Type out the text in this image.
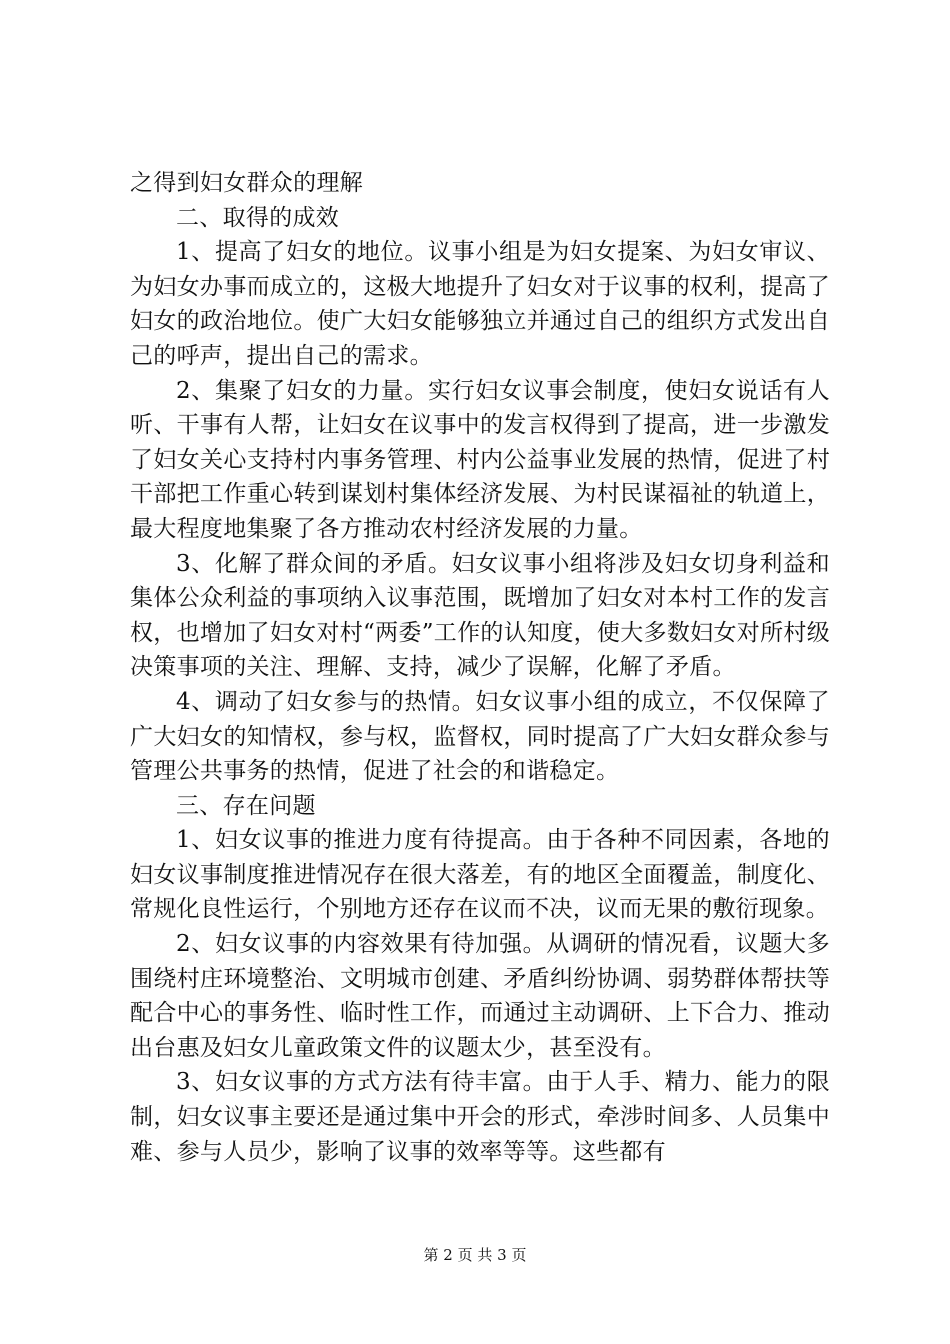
之得到妇女群众的理解

二、取得的成效

1、提高了妇女的地位。议事小组是为妇女提案、为妇女审议、为妇女办事而成立的，这极大地提升了妇女对于议事的权利，提高了妇女的政治地位。使广大妇女能够独立并通过自己的组织方式发出自己的呼声，提出自己的需求。

2、集聚了妇女的力量。实行妇女议事会制度，使妇女说话有人听、干事有人帮，让妇女在议事中的发言权得到了提高，进一步激发了妇女关心支持村内事务管理、村内公益事业发展的热情，促进了村干部把工作重心转到谋划村集体经济发展、为村民谋福祉的轨道上，最大程度地集聚了各方推动农村经济发展的力量。

3、化解了群众间的矛盾。妇女议事小组将涉及妇女切身利益和集体公众利益的事项纳入议事范围，既增加了妇女对本村工作的发言权，也增加了妇女对村“两委”工作的认知度，使大多数妇女对所村级决策事项的关注、理解、支持，减少了误解，化解了矛盾。

4、调动了妇女参与的热情。妇女议事小组的成立，不仅保障了广大妇女的知情权，参与权，监督权，同时提高了广大妇女群众参与管理公共事务的热情，促进了社会的和谐稳定。

三、存在问题

1、妇女议事的推进力度有待提高。由于各种不同因素，各地的妇女议事制度推进情况存在很大落差，有的地区全面覆盖，制度化、常规化良性运行，个别地方还存在议而不决，议而无果的敷衍现象。

2、妇女议事的内容效果有待加强。从调研的情况看，议题大多围绕村庄环境整治、文明城市创建、矛盾纠纷协调、弱势群体帮扶等配合中心的事务性、临时性工作，而通过主动调研、上下合力、推动出台惠及妇女儿童政策文件的议题太少，甚至没有。

3、妇女议事的方式方法有待丰富。由于人手、精力、能力的限制，妇女议事主要还是通过集中开会的形式，牵涉时间多、人员集中难、参与人员少，影响了议事的效率等等。这些都有

第 2 页 共 3 页
